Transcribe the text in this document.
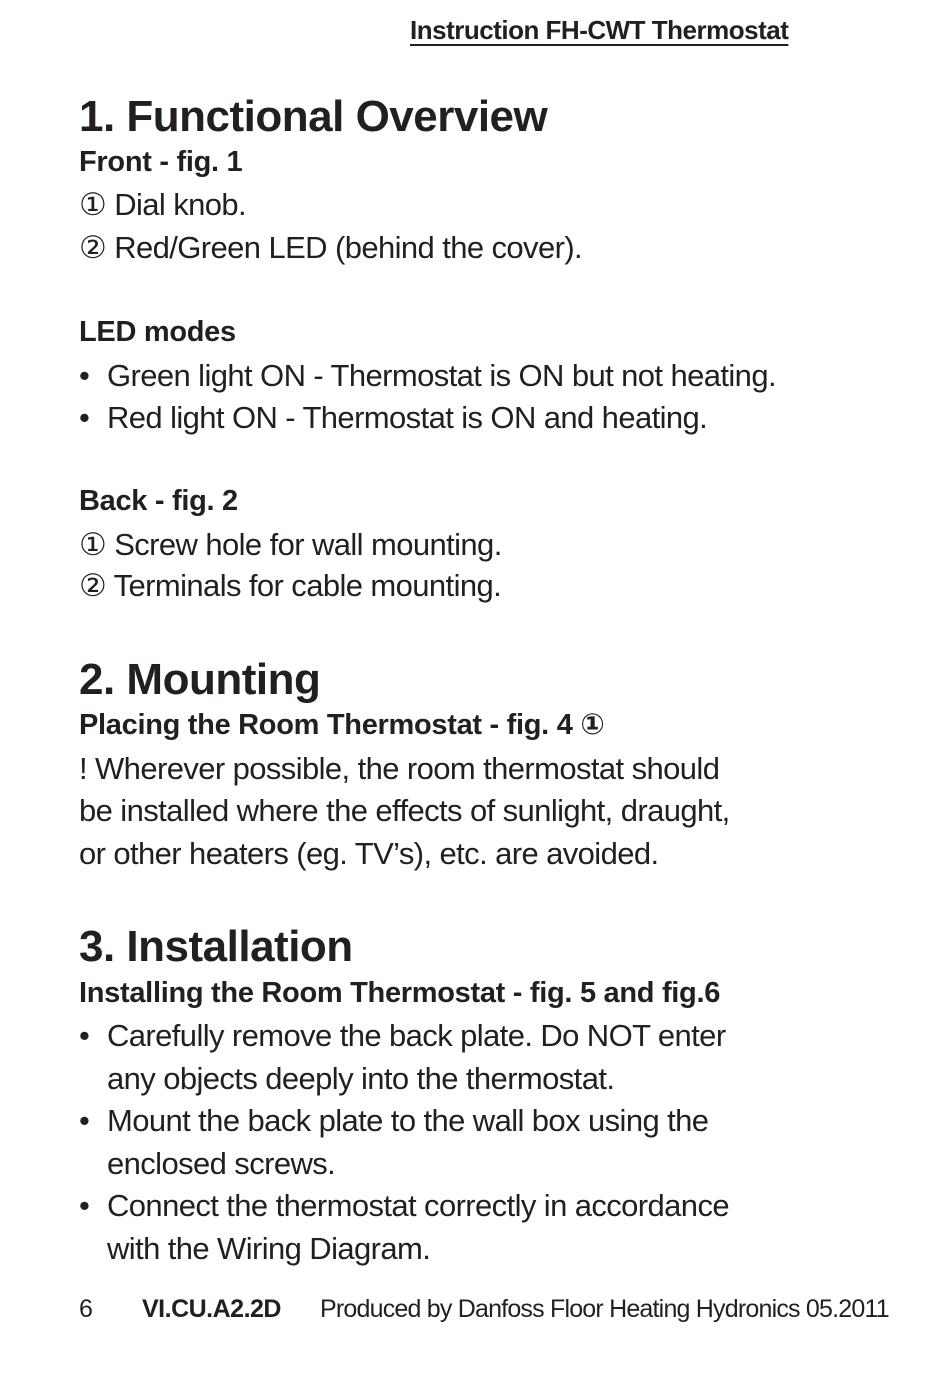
Instruction FH-CWT Thermostat
1. Functional Overview
Front - fig. 1
① Dial knob.
② Red/Green LED (behind the cover).
LED modes
• Green light ON - Thermostat is ON but not heating.
• Red light ON - Thermostat is ON and heating.
Back - fig. 2
① Screw hole for wall mounting.
② Terminals for cable mounting.
2. Mounting
Placing the Room Thermostat - fig. 4 ①
! Wherever possible, the room thermostat should
be installed where the effects of sunlight, draught,
or other heaters (eg. TV’s), etc. are avoided.
3. Installation
Installing the Room Thermostat - fig. 5 and fig.6
• Carefully remove the back plate. Do NOT enter
any objects deeply into the thermostat.
• Mount the back plate to the wall box using the
enclosed screws.
• Connect the thermostat correctly in accordance
with the Wiring Diagram.
6 VI.CU.A2.2D Produced by Danfoss Floor Heating Hydronics 05.2011
